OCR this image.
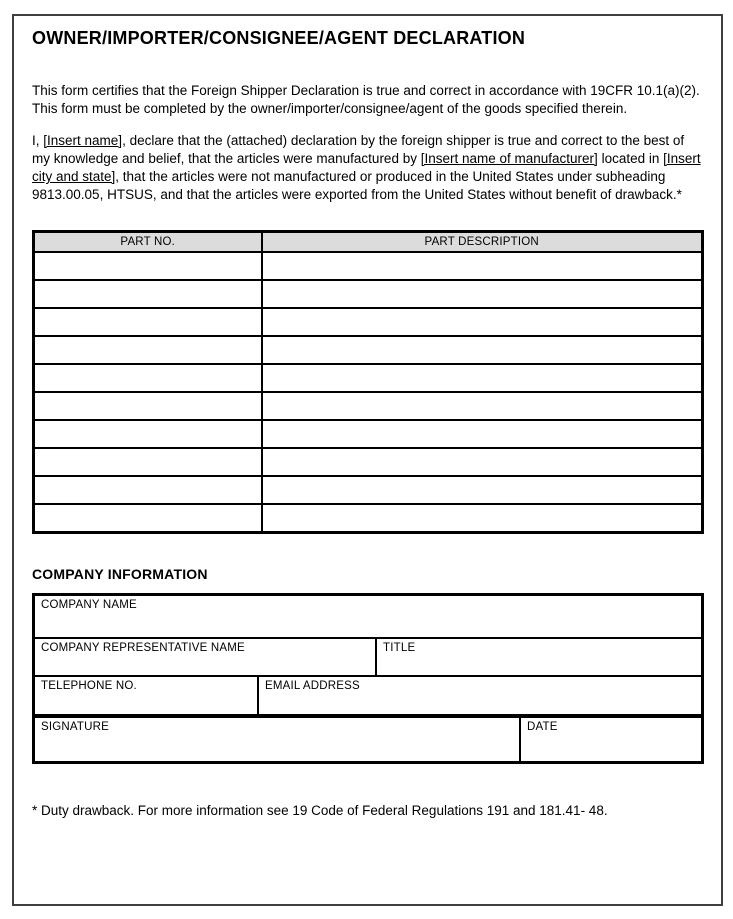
OWNER/IMPORTER/CONSIGNEE/AGENT DECLARATION

This form certifies that the Foreign Shipper Declaration is true and correct in accordance with 19CFR 10.1(a)(2). This form must be completed by the owner/importer/consignee/agent of the goods specified therein.

I, [Insert name], declare that the (attached) declaration by the foreign shipper is true and correct to the best of my knowledge and belief, that the articles were manufactured by [Insert name of manufacturer] located in [Insert city and state], that the articles were not manufactured or produced in the United States under subheading 9813.00.05, HTSUS, and that the articles were exported from the United States without benefit of drawback.*

PART NO.	PART DESCRIPTION

COMPANY INFORMATION
COMPANY NAME
COMPANY REPRESENTATIVE NAME	TITLE
TELEPHONE NO.	EMAIL ADDRESS
SIGNATURE	DATE

* Duty drawback. For more information see 19 Code of Federal Regulations 191 and 181.41- 48.
